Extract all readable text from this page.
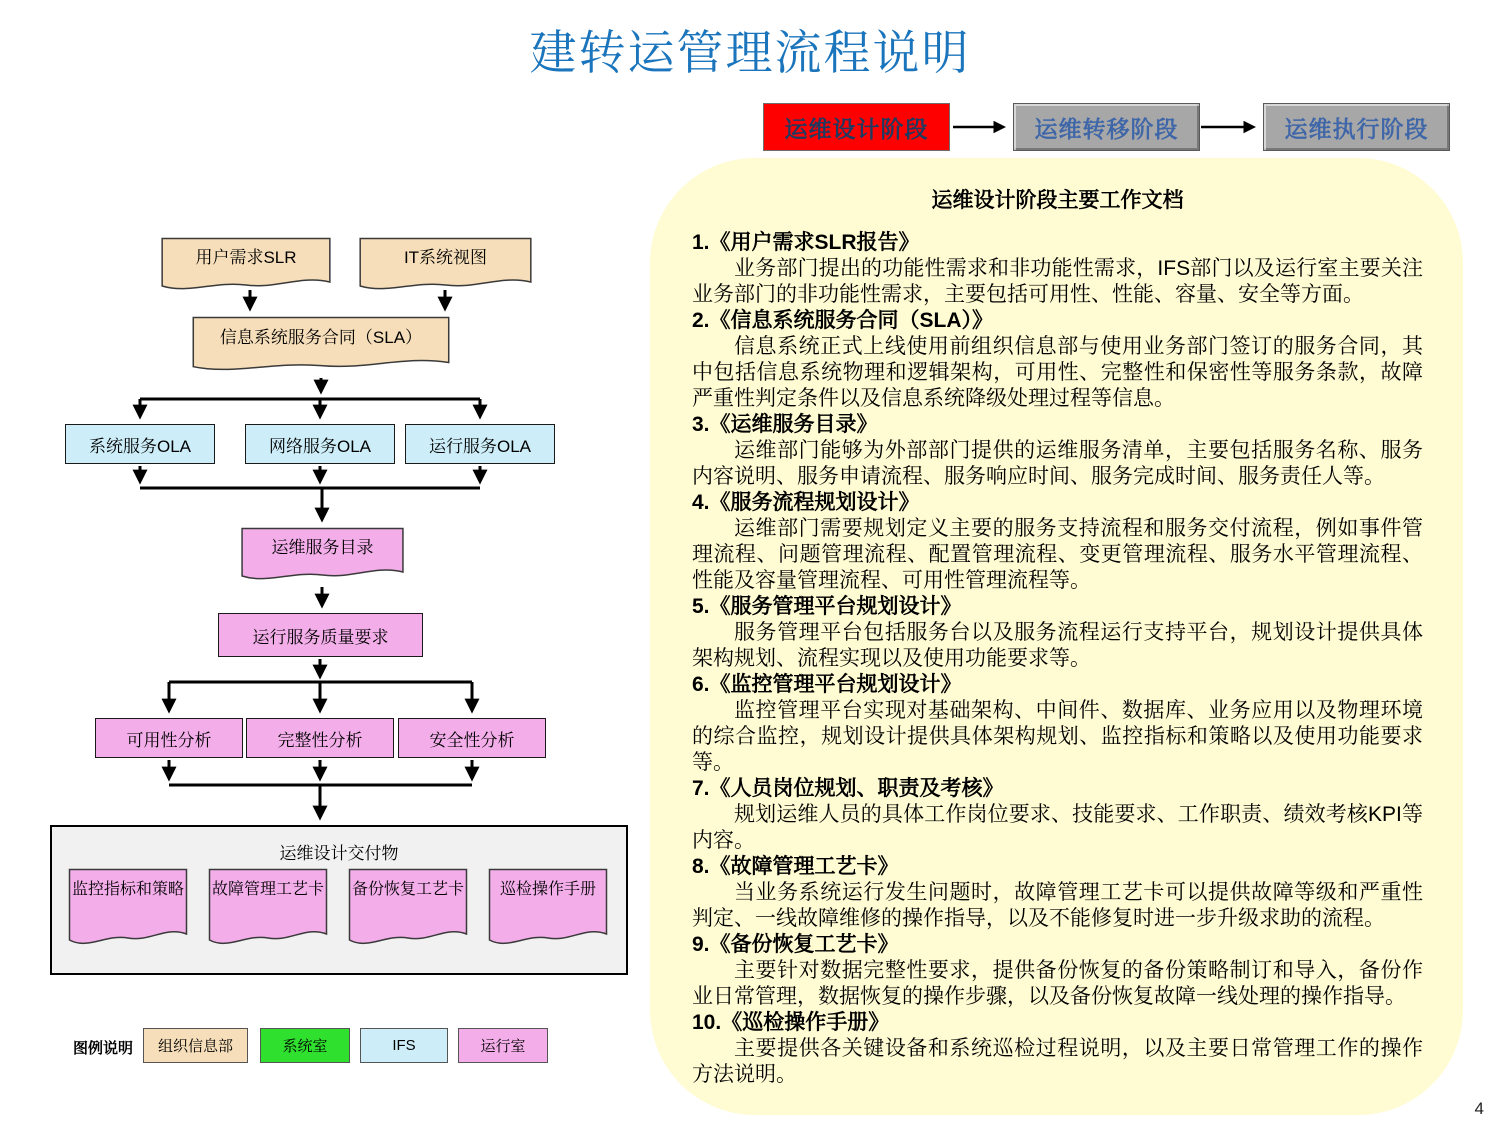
建转运管理流程说明
运维设计阶段	运维转移阶段	运维执行阶段
运维设计阶段主要工作文档
1.《用户需求SLR报告》

业务部门提出的功能性需求和非功能性需求，IFS部门以及运行室主要关注业务部门的非功能性需求，主要包括可用性、性能、容量、安全等方面。

2.《信息系统服务合同（SLA）》

信息系统正式上线使用前组织信息部与使用业务部门签订的服务合同，其中包括信息系统物理和逻辑架构，可用性、完整性和保密性等服务条款，故障严重性判定条件以及信息系统降级处理过程等信息。

3.《运维服务目录》

运维部门能够为外部部门提供的运维服务清单，主要包括服务名称、服务内容说明、服务申请流程、服务响应时间、服务完成时间、服务责任人等。

4.《服务流程规划设计》

运维部门需要规划定义主要的服务支持流程和服务交付流程，例如事件管理流程、问题管理流程、配置管理流程、变更管理流程、服务水平管理流程、性能及容量管理流程、可用性管理流程等。

5.《服务管理平台规划设计》

服务管理平台包括服务台以及服务流程运行支持平台，规划设计提供具体架构规划、流程实现以及使用功能要求等。

6.《监控管理平台规划设计》

监控管理平台实现对基础架构、中间件、数据库、业务应用以及物理环境的综合监控，规划设计提供具体架构规划、监控指标和策略以及使用功能要求等。

7.《人员岗位规划、职责及考核》

规划运维人员的具体工作岗位要求、技能要求、工作职责、绩效考核KPI等内容。

8.《故障管理工艺卡》

当业务系统运行发生问题时，故障管理工艺卡可以提供故障等级和严重性判定、一线故障维修的操作指导，以及不能修复时进一步升级求助的流程。

9.《备份恢复工艺卡》

主要针对数据完整性要求，提供备份恢复的备份策略制订和导入，备份作业日常管理，数据恢复的操作步骤，以及备份恢复故障一线处理的操作指导。

10.《巡检操作手册》

主要提供各关键设备和系统巡检过程说明，以及主要日常管理工作的操作方法说明。

用户需求SLR	IT系统视图
信息系统服务合同（SLA）
系统服务OLA	网络服务OLA	运行服务OLA
运维服务目录
运行服务质量要求
可用性分析	完整性分析	安全性分析
运维设计交付物
监控指标和策略 故障管理工艺卡 备份恢复工艺卡	巡检操作手册
图例说明 组织信息部	系统室	IFS	运行室
4
